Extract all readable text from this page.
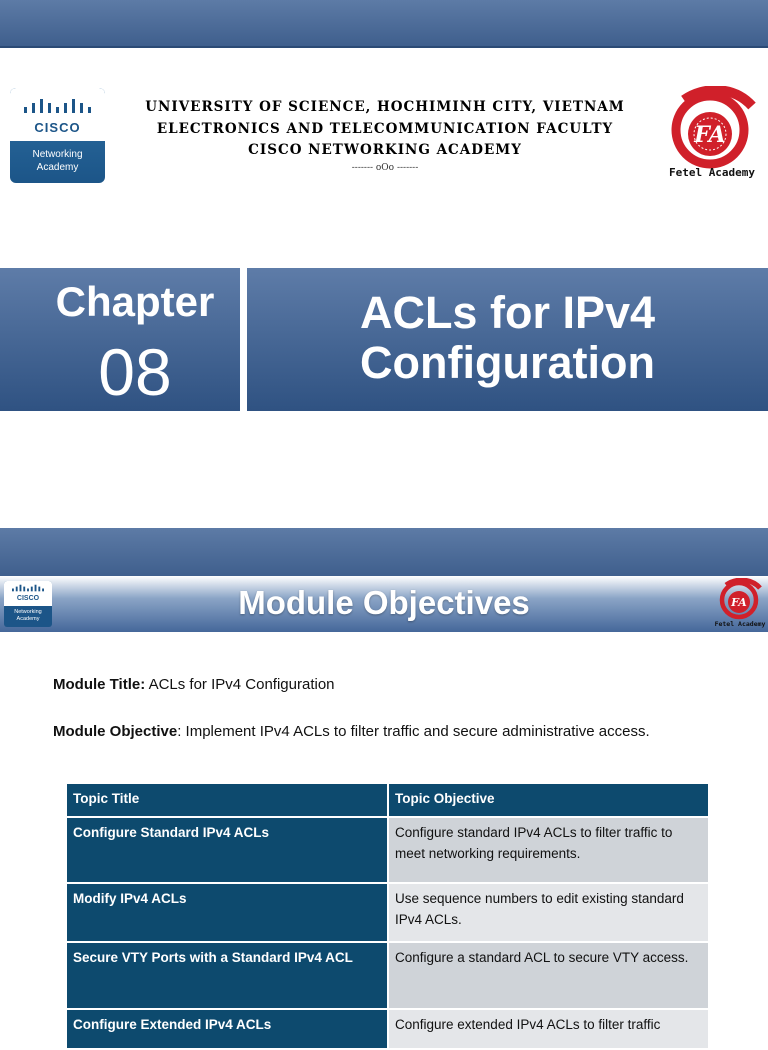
CISCO
Networking
Academy
UNIVERSITY OF SCIENCE, HOCHIMINH CITY, VIETNAM
ELECTRONICS AND TELECOMMUNICATION FACULTY
CISCO NETWORKING ACADEMY
------- oOo -------
FA
Fetel Academy
Chapter
08
ACLs for IPv4
Configuration
CISCO
Networking
Academy	Module Objectives	FA
Fetel Academy
Module Title: ACLs for IPv4 Configuration
Module Objective: Implement IPv4 ACLs to filter traffic and secure administrative access.
Topic Title	Topic Objective
Configure Standard IPv4 ACLs	Configure standard IPv4 ACLs to filter traffic to meet networking requirements.
Modify IPv4 ACLs	Use sequence numbers to edit existing standard IPv4 ACLs.
Secure VTY Ports with a Standard IPv4 ACL	Configure a standard ACL to secure VTY access.
Configure Extended IPv4 ACLs	Configure extended IPv4 ACLs to filter traffic
